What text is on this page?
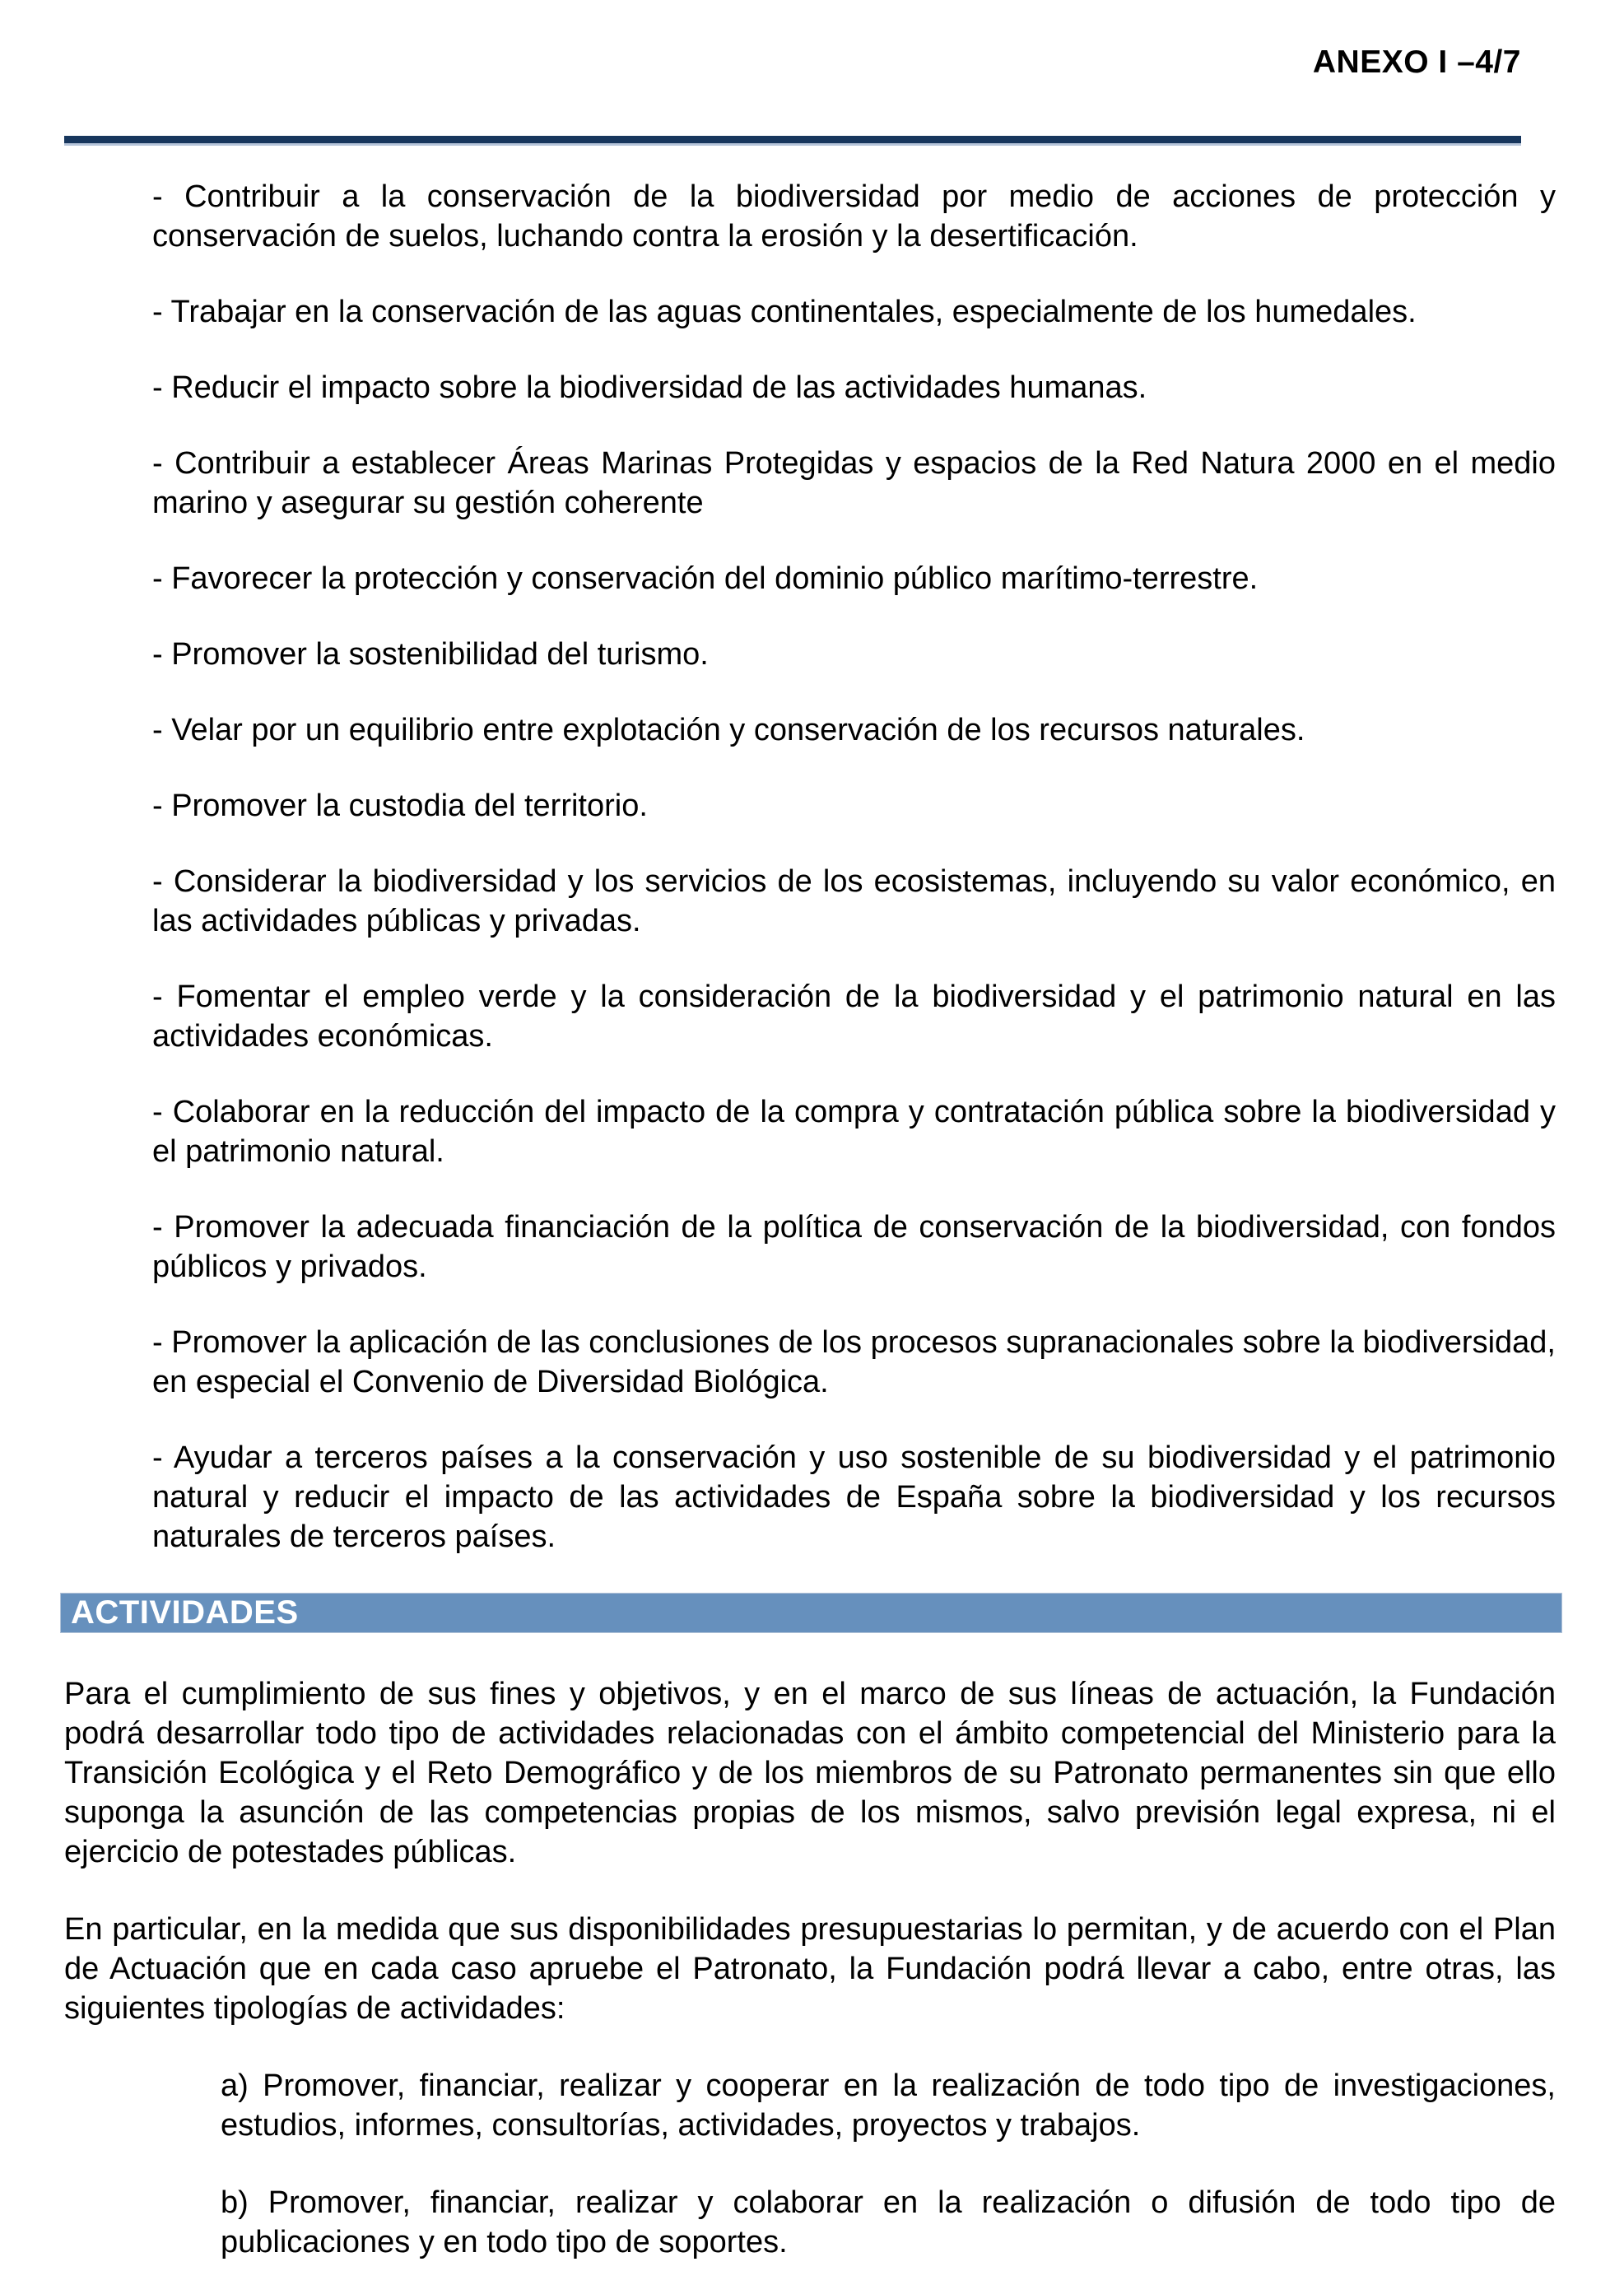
ANEXO I –4/7

- Contribuir a la conservación de la biodiversidad por medio de acciones de protección y conservación de suelos, luchando contra la erosión y la desertificación.

- Trabajar en la conservación de las aguas continentales, especialmente de los humedales.

- Reducir el impacto sobre la biodiversidad de las actividades humanas.

- Contribuir a establecer Áreas Marinas Protegidas y espacios de la Red Natura 2000 en el medio marino y asegurar su gestión coherente

- Favorecer la protección y conservación del dominio público marítimo-terrestre.

- Promover la sostenibilidad del turismo.

- Velar por un equilibrio entre explotación y conservación de los recursos naturales.

- Promover la custodia del territorio.

- Considerar la biodiversidad y los servicios de los ecosistemas, incluyendo su valor económico, en las actividades públicas y privadas.

- Fomentar el empleo verde y la consideración de la biodiversidad y el patrimonio natural en las actividades económicas.

- Colaborar en la reducción del impacto de la compra y contratación pública sobre la biodiversidad y el patrimonio natural.

- Promover la adecuada financiación de la política de conservación de la biodiversidad, con fondos públicos y privados.

- Promover la aplicación de las conclusiones de los procesos supranacionales sobre la biodiversidad, en especial el Convenio de Diversidad Biológica.

- Ayudar a terceros países a la conservación y uso sostenible de su biodiversidad y el patrimonio natural y reducir el impacto de las actividades de España sobre la biodiversidad y los recursos naturales de terceros países.

ACTIVIDADES

Para el cumplimiento de sus fines y objetivos, y en el marco de sus líneas de actuación, la Fundación podrá desarrollar todo tipo de actividades relacionadas con el ámbito competencial del Ministerio para la Transición Ecológica y el Reto Demográfico y de los miembros de su Patronato permanentes sin que ello suponga la asunción de las competencias propias de los mismos, salvo previsión legal expresa, ni el ejercicio de potestades públicas.

En particular, en la medida que sus disponibilidades presupuestarias lo permitan, y de acuerdo con el Plan de Actuación que en cada caso apruebe el Patronato, la Fundación podrá llevar a cabo, entre otras, las siguientes tipologías de actividades:

a) Promover, financiar, realizar y cooperar en la realización de todo tipo de investigaciones, estudios, informes, consultorías, actividades, proyectos y trabajos.

b) Promover, financiar, realizar y colaborar en la realización o difusión de todo tipo de publicaciones y en todo tipo de soportes.
